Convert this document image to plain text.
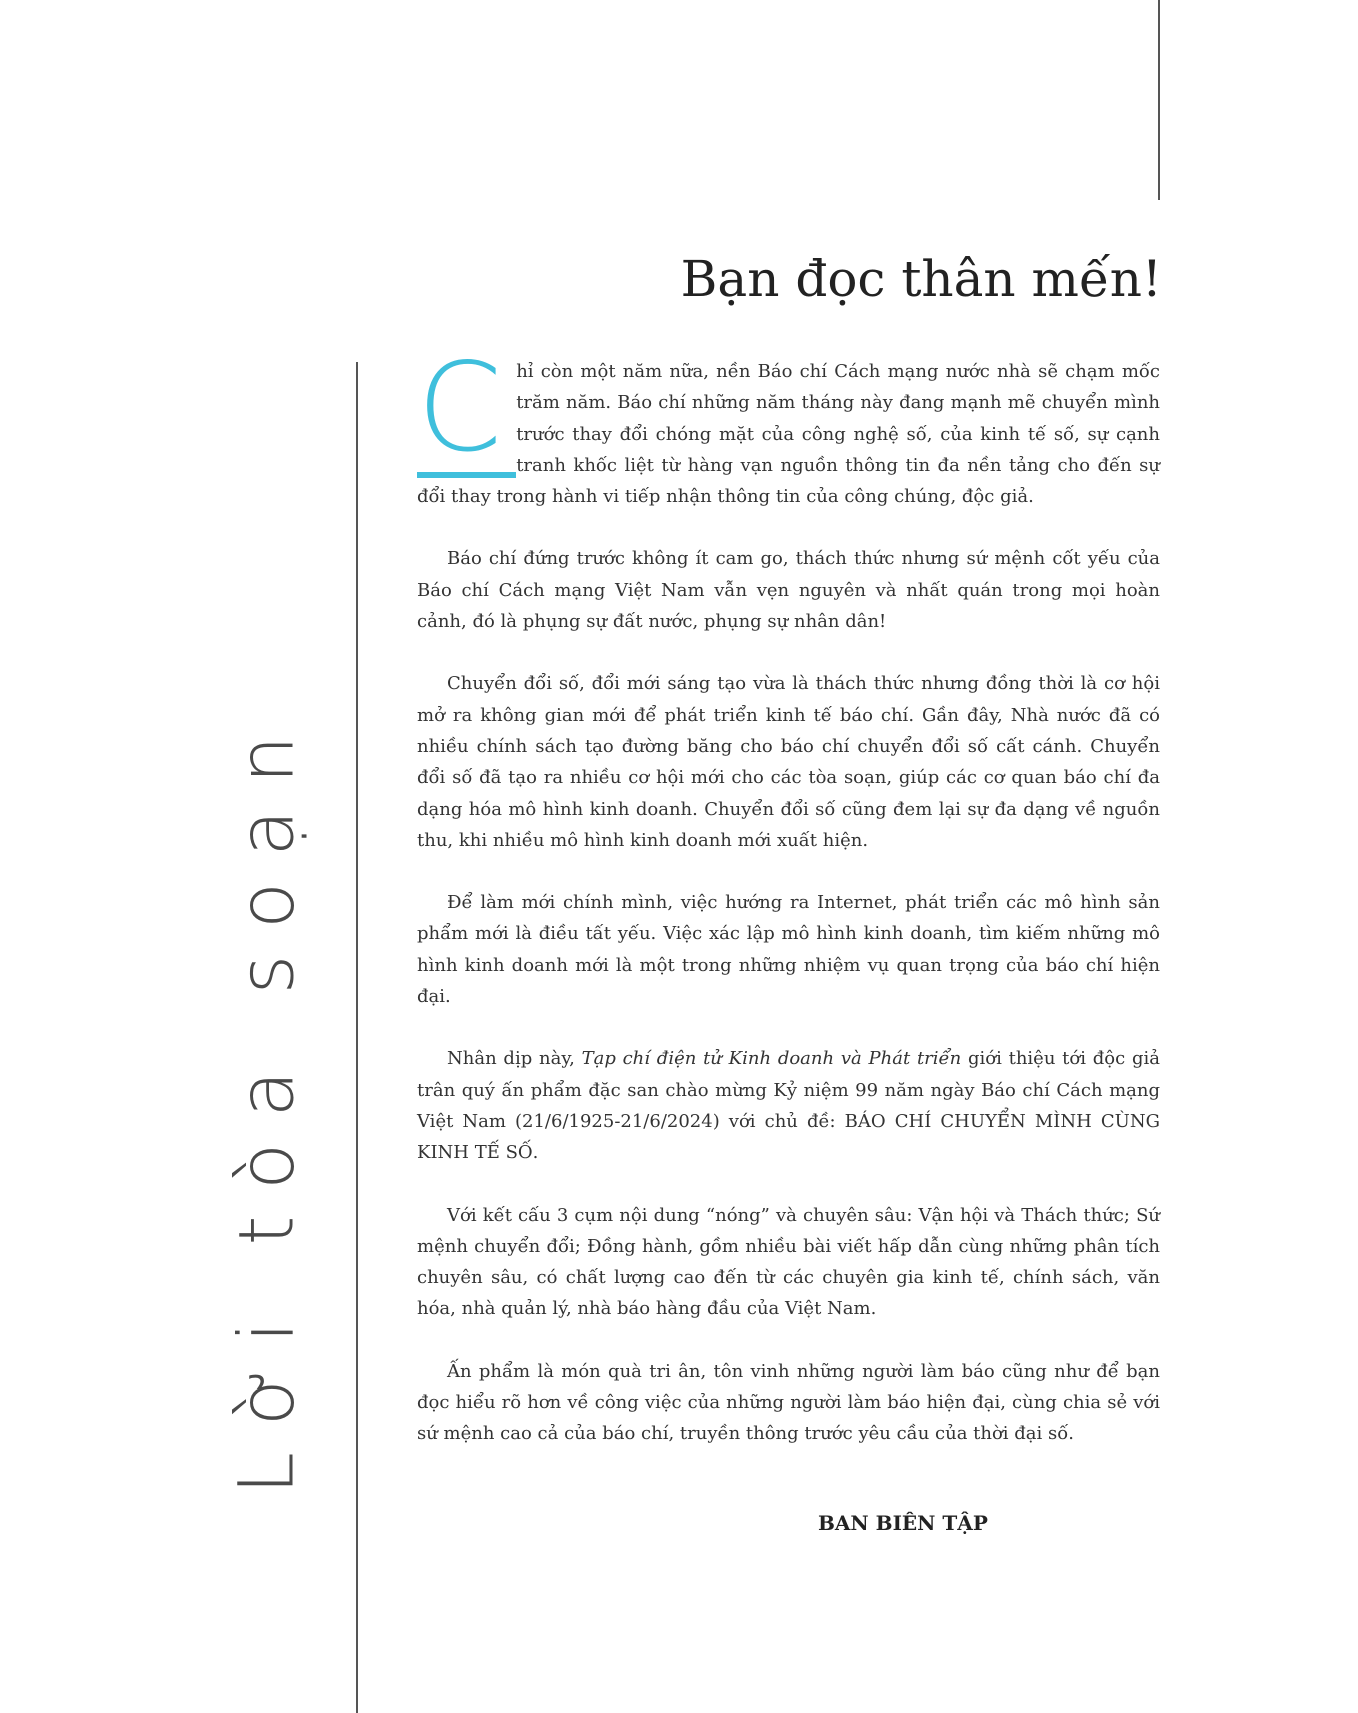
Lời tòa soạn
Bạn đọc thân mến!

C hỉ còn một năm nữa, nền Báo chí Cách mạng nước nhà sẽ chạm mốc trăm năm. Báo chí những năm tháng này đang mạnh mẽ chuyển mình trước thay đổi chóng mặt của công nghệ số, của kinh tế số, sự cạnh tranh khốc liệt từ hàng vạn nguồn thông tin đa nền tảng cho đến sự đổi thay trong hành vi tiếp nhận thông tin của công chúng, độc giả.

Báo chí đứng trước không ít cam go, thách thức nhưng sứ mệnh cốt yếu của Báo chí Cách mạng Việt Nam vẫn vẹn nguyên và nhất quán trong mọi hoàn cảnh, đó là phụng sự đất nước, phụng sự nhân dân!

Chuyển đổi số, đổi mới sáng tạo vừa là thách thức nhưng đồng thời là cơ hội mở ra không gian mới để phát triển kinh tế báo chí. Gần đây, Nhà nước đã có nhiều chính sách tạo đường băng cho báo chí chuyển đổi số cất cánh. Chuyển đổi số đã tạo ra nhiều cơ hội mới cho các tòa soạn, giúp các cơ quan báo chí đa dạng hóa mô hình kinh doanh. Chuyển đổi số cũng đem lại sự đa dạng về nguồn thu, khi nhiều mô hình kinh doanh mới xuất hiện.

Để làm mới chính mình, việc hướng ra Internet, phát triển các mô hình sản phẩm mới là điều tất yếu. Việc xác lập mô hình kinh doanh, tìm kiếm những mô hình kinh doanh mới là một trong những nhiệm vụ quan trọng của báo chí hiện đại.

Nhân dịp này, Tạp chí điện tử Kinh doanh và Phát triển giới thiệu tới độc giả trân quý ấn phẩm đặc san chào mừng Kỷ niệm 99 năm ngày Báo chí Cách mạng Việt Nam (21/6/1925-21/6/2024) với chủ đề: BÁO CHÍ CHUYỂN MÌNH CÙNG KINH TẾ SỐ.

Với kết cấu 3 cụm nội dung “nóng” và chuyên sâu: Vận hội và Thách thức; Sứ mệnh chuyển đổi; Đồng hành, gồm nhiều bài viết hấp dẫn cùng những phân tích chuyên sâu, có chất lượng cao đến từ các chuyên gia kinh tế, chính sách, văn hóa, nhà quản lý, nhà báo hàng đầu của Việt Nam.

Ấn phẩm là món quà tri ân, tôn vinh những người làm báo cũng như để bạn đọc hiểu rõ hơn về công việc của những người làm báo hiện đại, cùng chia sẻ với sứ mệnh cao cả của báo chí, truyền thông trước yêu cầu của thời đại số.

BAN BIÊN TẬP
